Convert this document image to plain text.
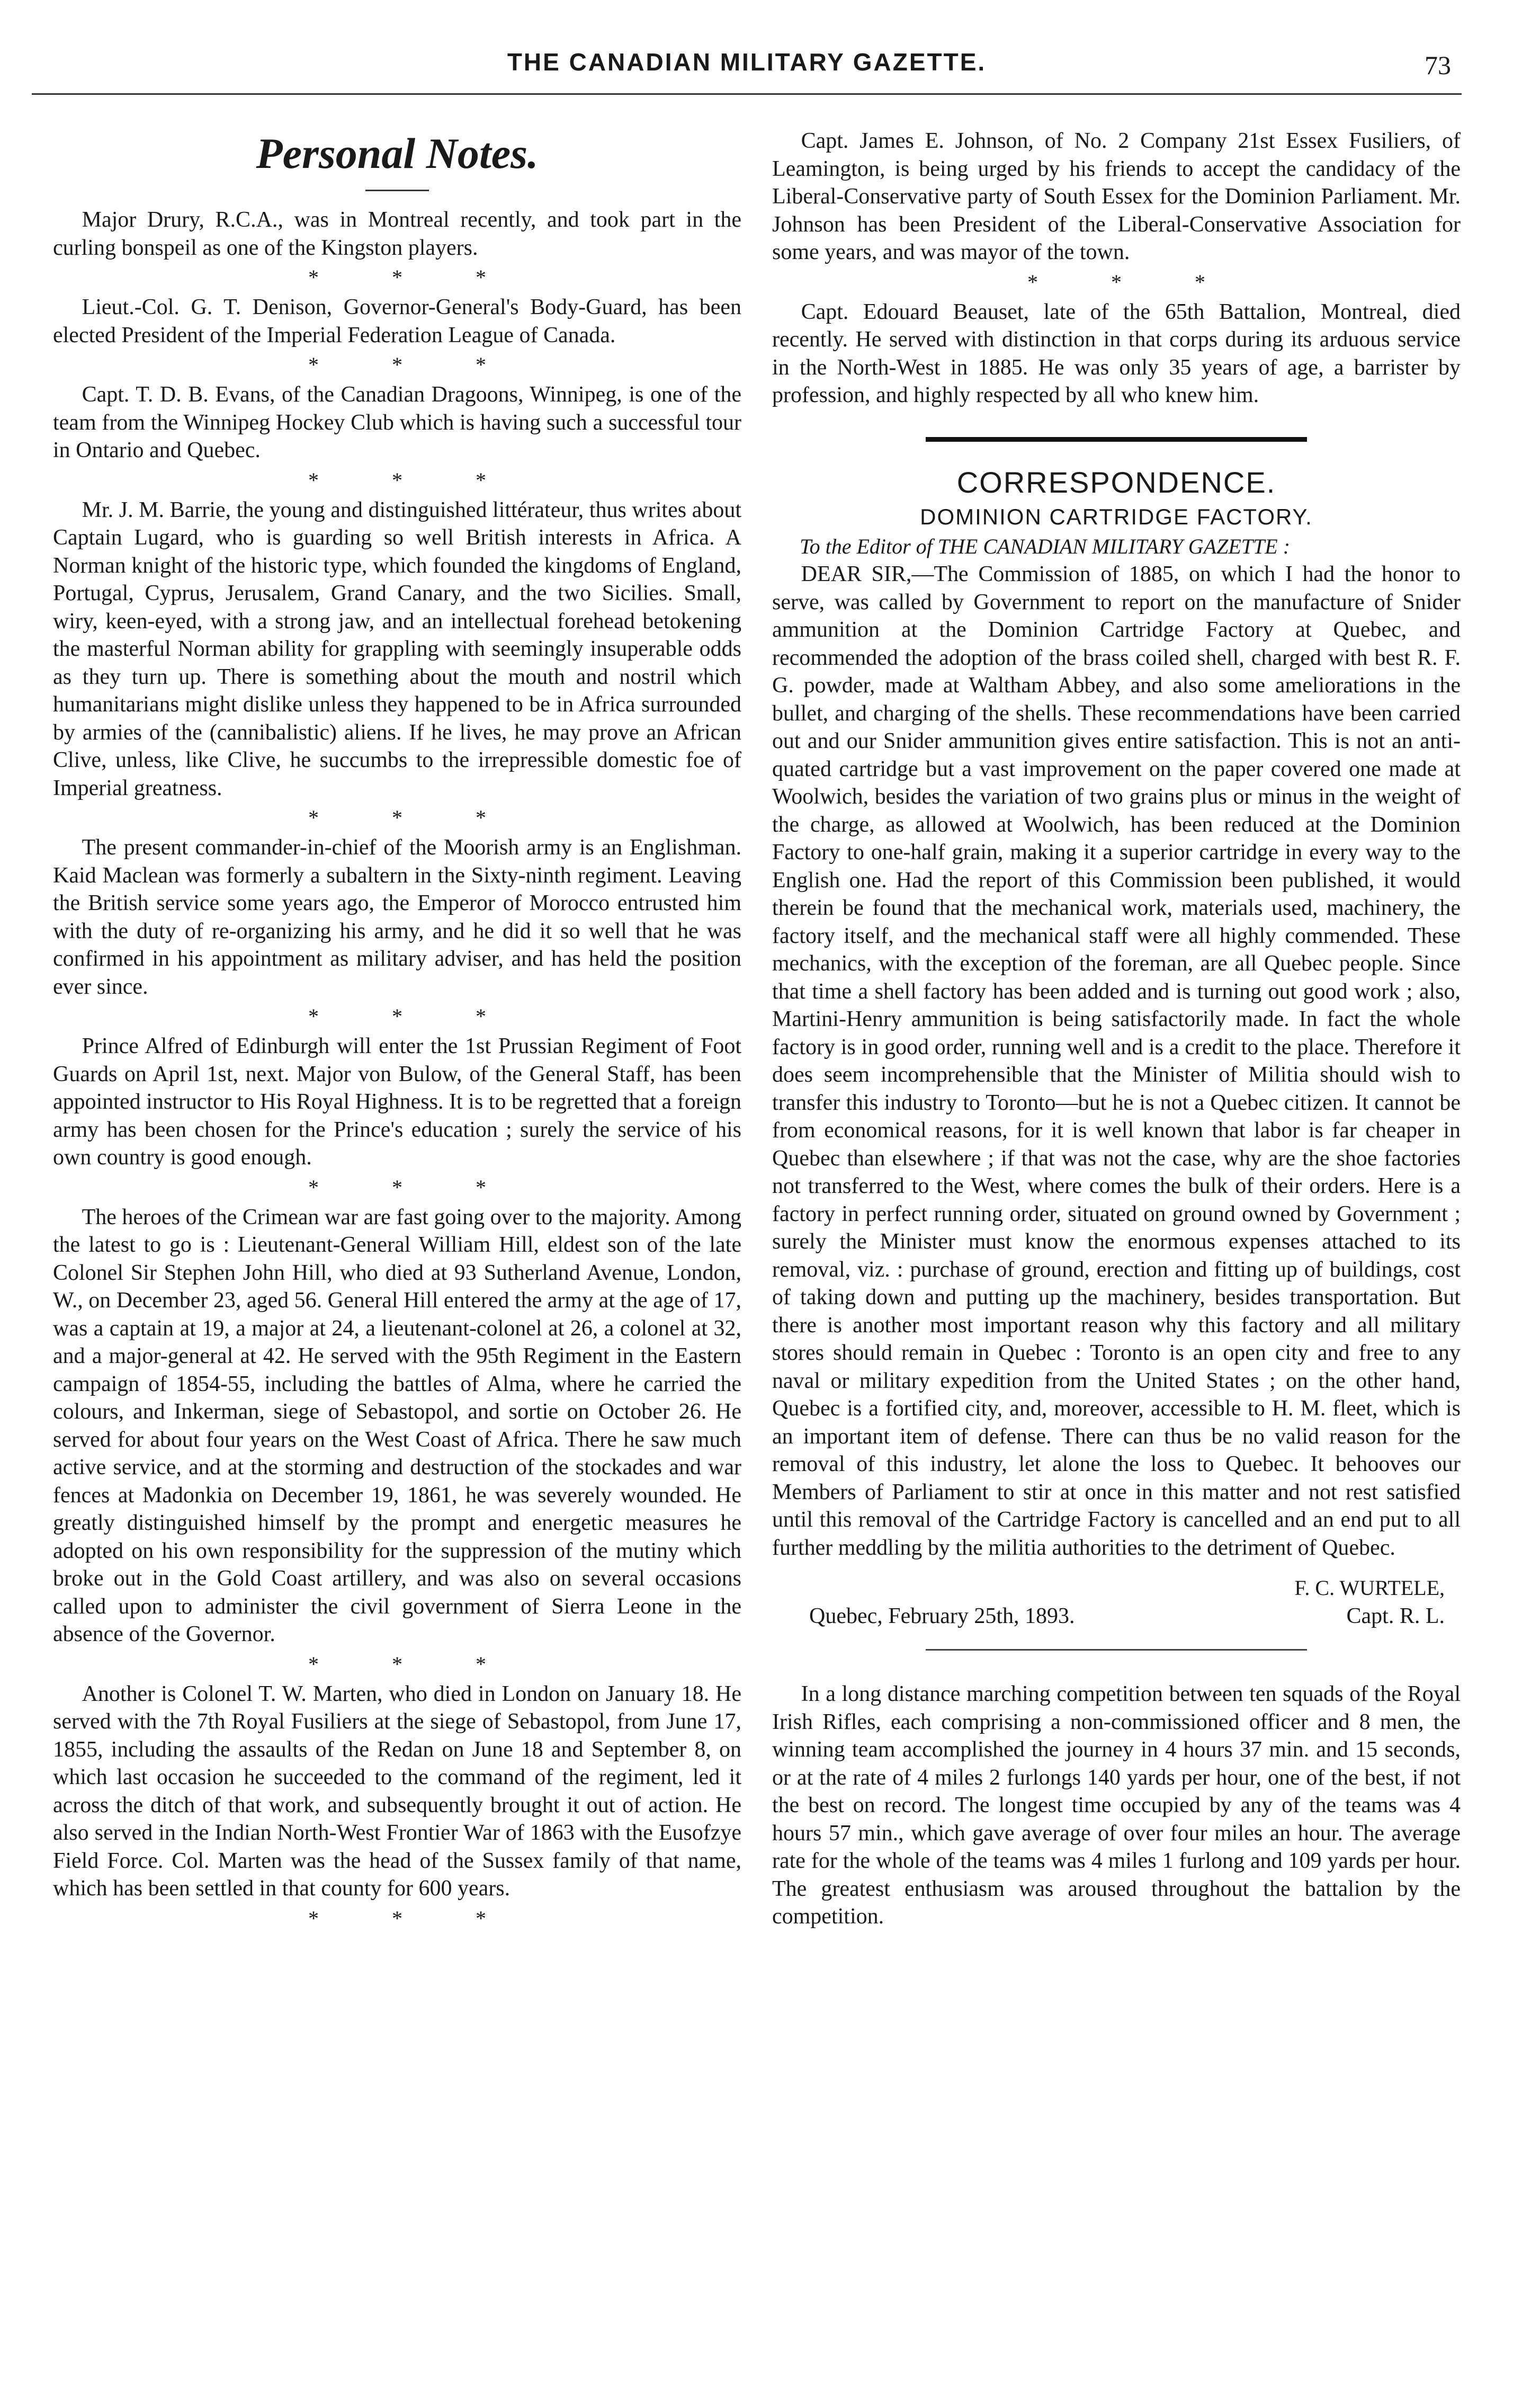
THE CANADIAN MILITARY GAZETTE.	73
Personal Notes.

Major Drury, R.C.A., was in Montreal recently, and took part in the curling bonspeil as one of the Kingston players.

* * *

Lieut.-Col. G. T. Denison, Governor-General's Body-Guard, has been elected President of the Imperial Federation League of Canada.

* * *

Capt. T. D. B. Evans, of the Canadian Dragoons, Winnipeg, is one of the team from the Winnipeg Hockey Club which is having such a successful tour in Ontario and Quebec.

* * *

Mr. J. M. Barrie, the young and distinguished littérateur, thus writes about Captain Lugard, who is guarding so well British interests in Africa. A Norman knight of the historic type, which founded the kingdoms of England, Portugal, Cyprus, Jerusalem, Grand Canary, and the two Sicilies. Small, wiry, keen-eyed, with a strong jaw, and an intellectual forehead betokening the masterful Norman ability for grappling with seemingly insuperable odds as they turn up. There is something about the mouth and nostril which humanitarians might dislike unless they happened to be in Africa surrounded by armies of the (cannibalistic) aliens. If he lives, he may prove an African Clive, unless, like Clive, he succumbs to the irrepressible domestic foe of Imperial greatness.

* * *

The present commander-in-chief of the Moorish army is an Englishman. Kaid Maclean was formerly a subaltern in the Sixty-ninth regiment. Leaving the British service some years ago, the Emperor of Morocco entrusted him with the duty of re-organizing his army, and he did it so well that he was confirmed in his appointment as military adviser, and has held the position ever since.

* * *

Prince Alfred of Edinburgh will enter the 1st Prussian Regiment of Foot Guards on April 1st, next. Major von Bulow, of the General Staff, has been appointed instructor to His Royal Highness. It is to be regretted that a foreign army has been chosen for the Prince's education ; surely the service of his own country is good enough.

* * *

The heroes of the Crimean war are fast going over to the majority. Among the latest to go is : Lieutenant-General William Hill, eldest son of the late Colonel Sir Stephen John Hill, who died at 93 Sutherland Avenue, London, W., on December 23, aged 56. General Hill entered the army at the age of 17, was a captain at 19, a major at 24, a lieutenant-colonel at 26, a colonel at 32, and a major-general at 42. He served with the 95th Regiment in the Eastern campaign of 1854-55, including the battles of Alma, where he carried the colours, and Inkerman, siege of Sebastopol, and sortie on October 26. He served for about four years on the West Coast of Africa. There he saw much active service, and at the storming and destruction of the stockades and war fences at Madonkia on December 19, 1861, he was severely wounded. He greatly distinguished himself by the prompt and energetic measures he adopted on his own responsibility for the suppression of the mutiny which broke out in the Gold Coast artillery, and was also on several occasions called upon to administer the civil government of Sierra Leone in the absence of the Governor.

* * *

Another is Colonel T. W. Marten, who died in London on January 18. He served with the 7th Royal Fusiliers at the siege of Sebastopol, from June 17, 1855, including the assaults of the Redan on June 18 and September 8, on which last occasion he succeeded to the command of the regiment, led it across the ditch of that work, and subsequently brought it out of action. He also served in the Indian North-West Frontier War of 1863 with the Eusofzye Field Force. Col. Marten was the head of the Sussex family of that name, which has been settled in that county for 600 years.

* * *

Capt. James E. Johnson, of No. 2 Company 21st Essex Fusiliers, of Leamington, is being urged by his friends to accept the candidacy of the Liberal-Conservative party of South Essex for the Dominion Parliament. Mr. Johnson has been President of the Liberal-Conservative Association for some years, and was mayor of the town.

* * *

Capt. Edouard Beauset, late of the 65th Battalion, Montreal, died recently. He served with distinction in that corps during its arduous service in the North-West in 1885. He was only 35 years of age, a barrister by profession, and highly respected by all who knew him.

CORRESPONDENCE.
DOMINION CARTRIDGE FACTORY.

To the Editor of THE CANADIAN MILITARY GAZETTE :

DEAR SIR,—The Commission of 1885, on which I had the honor to serve, was called by Government to report on the manufacture of Snider ammunition at the Dominion Cartridge Factory at Quebec, and recommended the adoption of the brass coiled shell, charged with best R. F. G. powder, made at Waltham Abbey, and also some ameliorations in the bullet, and charging of the shells. These recommendations have been carried out and our Snider ammunition gives entire satisfaction. This is not an anti-quated cartridge but a vast improvement on the paper covered one made at Woolwich, besides the variation of two grains plus or minus in the weight of the charge, as allowed at Woolwich, has been reduced at the Dominion Factory to one-half grain, making it a superior cartridge in every way to the English one. Had the report of this Commission been published, it would therein be found that the mechanical work, materials used, machinery, the factory itself, and the mechanical staff were all highly commended. These mechanics, with the exception of the foreman, are all Quebec people. Since that time a shell factory has been added and is turning out good work ; also, Martini-Henry ammunition is being satisfactorily made. In fact the whole factory is in good order, running well and is a credit to the place. Therefore it does seem incomprehensible that the Minister of Militia should wish to transfer this industry to Toronto—but he is not a Quebec citizen. It cannot be from economical reasons, for it is well known that labor is far cheaper in Quebec than elsewhere ; if that was not the case, why are the shoe factories not transferred to the West, where comes the bulk of their orders. Here is a factory in perfect running order, situated on ground owned by Government ; surely the Minister must know the enormous expenses attached to its removal, viz. : purchase of ground, erection and fitting up of buildings, cost of taking down and putting up the machinery, besides transportation. But there is another most important reason why this factory and all military stores should remain in Quebec : Toronto is an open city and free to any naval or military expedition from the United States ; on the other hand, Quebec is a fortified city, and, moreover, accessible to H. M. fleet, which is an important item of defense. There can thus be no valid reason for the removal of this industry, let alone the loss to Quebec. It behooves our Members of Parliament to stir at once in this matter and not rest satisfied until this removal of the Cartridge Factory is cancelled and an end put to all further meddling by the militia authorities to the detriment of Quebec.

F. C. WURTELE,
Quebec, February 25th, 1893.	Capt. R. L.

In a long distance marching competition between ten squads of the Royal Irish Rifles, each comprising a non-commissioned officer and 8 men, the winning team accomplished the journey in 4 hours 37 min. and 15 seconds, or at the rate of 4 miles 2 furlongs 140 yards per hour, one of the best, if not the best on record. The longest time occupied by any of the teams was 4 hours 57 min., which gave average of over four miles an hour. The average rate for the whole of the teams was 4 miles 1 furlong and 109 yards per hour. The greatest enthusiasm was aroused throughout the battalion by the competition.
